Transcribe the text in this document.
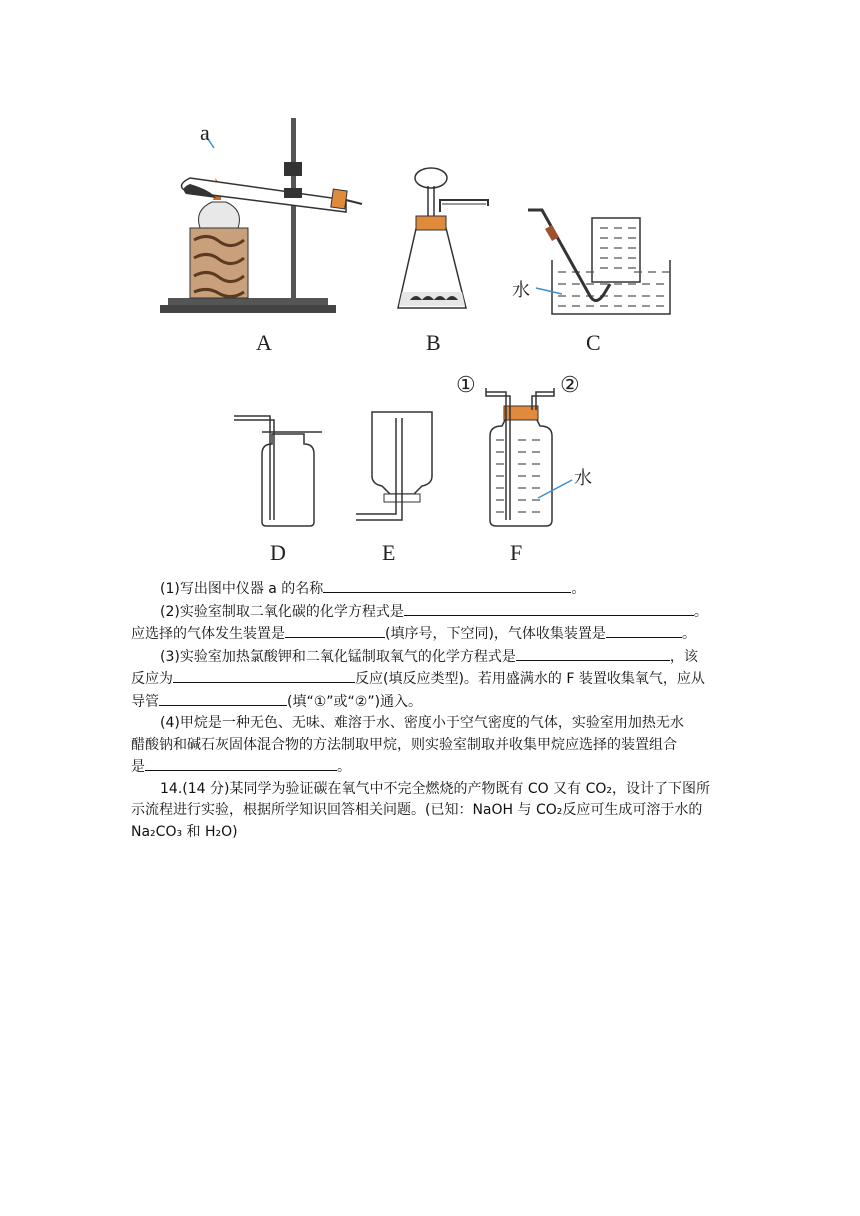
a
A	B
水
C
D	E
水
①	②
F
(1)写出图中仪器 a 的名称	。
(2)实验室制取二氧化碳的化学方程式是	。
应选择的气体发生装置是	(填序号，下空同)，气体收集装置是	。
(3)实验室加热氯酸钾和二氧化锰制取氧气的化学方程式是	，该
反应为	反应(填反应类型)。若用盛满水的 F 装置收集氧气，应从
导管	(填“①”或“②”)通入。
(4)甲烷是一种无色、无味、难溶于水、密度小于空气密度的气体，实验室用加热无水
醋酸钠和碱石灰固体混合物的方法制取甲烷，则实验室制取并收集甲烷应选择的装置组合
是	。
14.(14 分)某同学为验证碳在氧气中不完全燃烧的产物既有 CO 又有 CO₂，设计了下图所
示流程进行实验，根据所学知识回答相关问题。(已知：NaOH 与 CO₂反应可生成可溶于水的
Na₂CO₃ 和 H₂O)
